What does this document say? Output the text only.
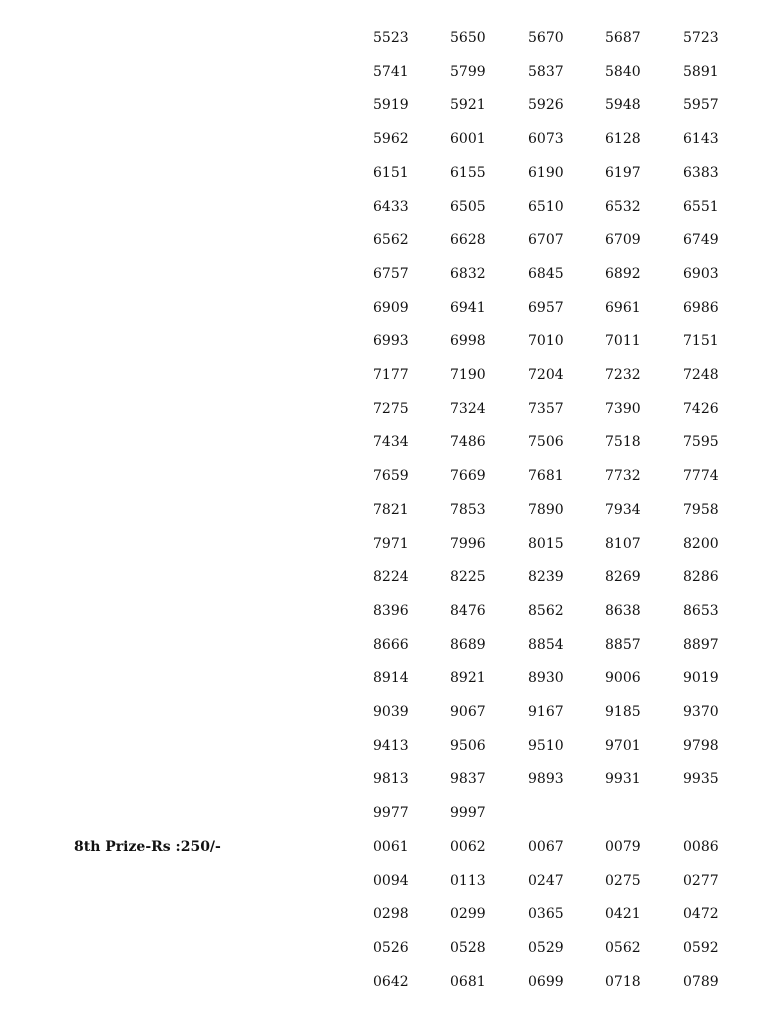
5523	5650	5670	5687	5723
5741	5799	5837	5840	5891
5919	5921	5926	5948	5957
5962	6001	6073	6128	6143
6151	6155	6190	6197	6383
6433	6505	6510	6532	6551
6562	6628	6707	6709	6749
6757	6832	6845	6892	6903
6909	6941	6957	6961	6986
6993	6998	7010	7011	7151
7177	7190	7204	7232	7248
7275	7324	7357	7390	7426
7434	7486	7506	7518	7595
7659	7669	7681	7732	7774
7821	7853	7890	7934	7958
7971	7996	8015	8107	8200
8224	8225	8239	8269	8286
8396	8476	8562	8638	8653
8666	8689	8854	8857	8897
8914	8921	8930	9006	9019
9039	9067	9167	9185	9370
9413	9506	9510	9701	9798
9813	9837	9893	9931	9935
9977	9997
8th Prize-Rs :250/-	0061	0062	0067	0079	0086
0094	0113	0247	0275	0277
0298	0299	0365	0421	0472
0526	0528	0529	0562	0592
0642	0681	0699	0718	0789
